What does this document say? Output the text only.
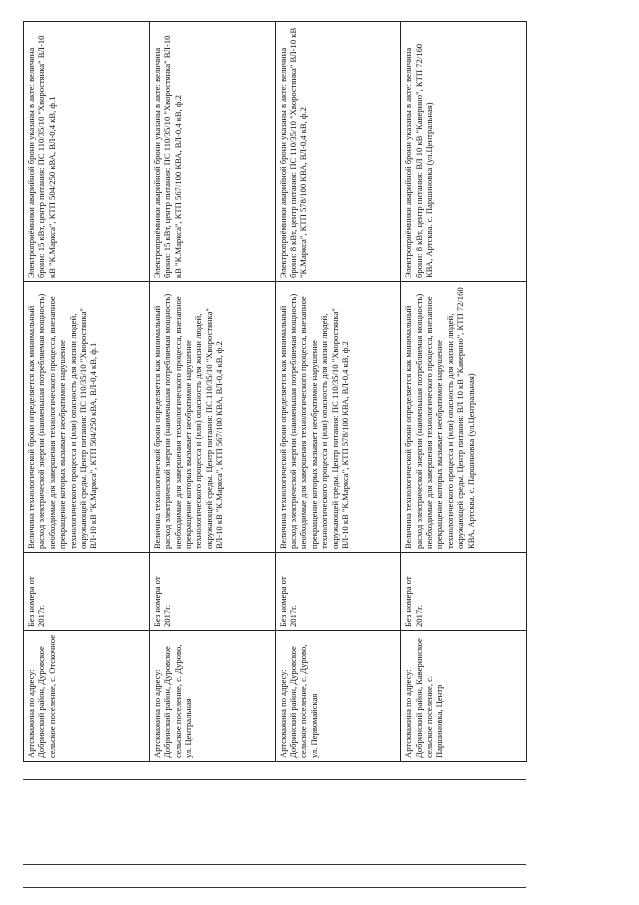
Артскважина по адресу: Добринский район, Дуровское сельское поселение, с. Отскочное	Без номера от 2017г.	Величина технологической брони определяется как минимальный расход электрической энергии (наименьшая потребляемая мощность) необходимые для завершения технологического процесса, внезапное прекращение которых вызывает необратимое нарушение технологического процесса и (или) опасность для жизни людей, окружающей среды. Центр питания: ПС 110/35/10 "Хворостянка" ВЛ-10 кВ "К.Маркса", КТП 504/250 кВА, ВЛ-0,4 кВ, ф.1	Электроприёмники аварийной брони указаны в акте: величина брони: 15 кВт, центр питания: ПС 110/35/10 "Хворостянка" ВЛ-10 кВ "К.Маркса", КТП 504/250 кВА, ВЛ-0,4 кВ, ф.1
Артскважина по адресу: Добринский район, Дуровское сельское поселение, с. Дурово, ул. Центральная	Без номера от 2017г.	Величина технологической брони определяется как минимальный расход электрической энергии (наименьшая потребляемая мощность) необходимые для завершения технологического процесса, внезапное прекращение которых вызывает необратимое нарушение технологического процесса и (или) опасность для жизни людей, окружающей среды. Центр питания: ПС 110/35/10 "Хворостянка" ВЛ-10 кВ "К.Маркса", КТП 567/100 КВА, ВЛ-0,4 кВ, ф.2	Электроприёмники аварийной брони указаны в акте: величина брони: 15 кВт, центр питания: ПС 110/35/10 "Хворостянка" ВЛ-10 кВ "К.Маркса", КТП 567/100 КВА, ВЛ-0,4 кВ, ф.2
Артскважина по адресу: Добринский район, Дуровское сельское поселение, с. Дурово, ул. Первомайская	Без номера от 2017г.	Величина технологической брони определяется как минимальный расход электрической энергии (наименьшая потребляемая мощность) необходимые для завершения технологического процесса, внезапное прекращение которых вызывает необратимое нарушение технологического процесса и (или) опасность для жизни людей, окружающей среды. Центр питания: ПС 110/35/10 "Хворостянка" ВЛ-10 кВ "К.Маркса", КТП 578/100 КВА, ВЛ-0,4 кВ, ф.2	Электроприёмники аварийной брони указаны в акте: величина брони: 8 кВт, центр питания: ПС 110/35/10 "Хворостянка" ВЛ-10 кВ "К.Маркса", КТП 578/100 КВА, ВЛ-0,4 кВ, ф.2
Артскважина по адресу: Добринский район, Каверинское сельское поселение, с. Паршиновка, Центр	Без номера от 2017г.	Величина технологической брони определяется как минимальный расход электрической энергии (наименьшая потребляемая мощность) необходимые для завершения технологического процесса, внезапное прекращение которых вызывает необратимое нарушение технологического процесса и (или) опасность для жизни людей, окружающей среды. Центр питания: ВЛ 10 кВ "Каверино", КТП 72/160 КВА, Артсква. с. Паршиновка (ул.Центральная)	Электроприёмники аварийной брони указаны в акте: величина брони: 8 кВт, центр питания: ВЛ 10 кВ "Каверино", КТП 72/160 КВА, Артсква. с. Паршиновка (ул.Центральная)
